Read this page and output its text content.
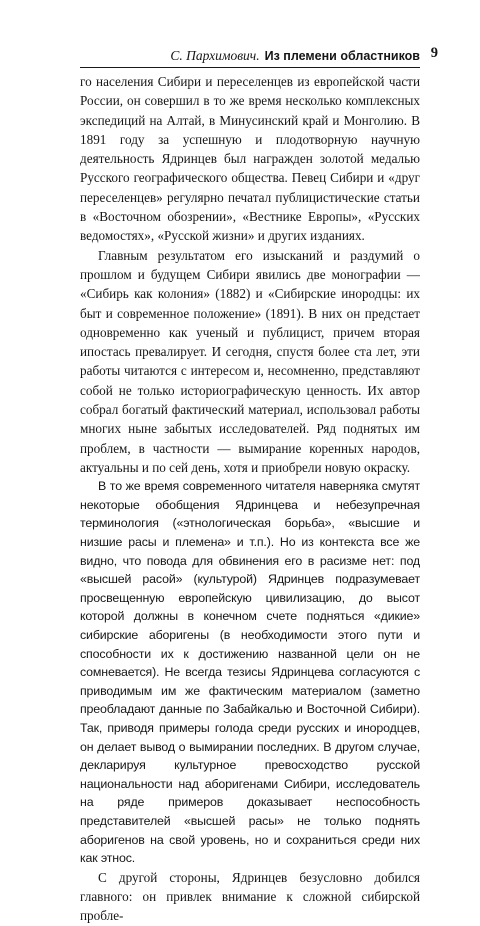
С. Пархимович. Из племени областников 9

го населения Сибири и переселенцев из европейской части России, он совершил в то же время несколько комплексных экспедиций на Алтай, в Минусинский край и Монголию. В 1891 году за успешную и плодотворную научную деятельность Ядринцев был награжден золотой медалью Русского географического общества. Певец Сибири и «друг переселенцев» регулярно печатал публицистические статьи в «Восточном обозрении», «Вестнике Европы», «Русских ведомостях», «Русской жизни» и других изданиях.

Главным результатом его изысканий и раздумий о прошлом и будущем Сибири явились две монографии — «Сибирь как колония» (1882) и «Сибирские инородцы: их быт и современное положение» (1891). В них он предстает одновременно как ученый и публицист, причем вторая ипостась превалирует. И сегодня, спустя более ста лет, эти работы читаются с интересом и, несомненно, представляют собой не только историографическую ценность. Их автор собрал богатый фактический материал, использовал работы многих ныне забытых исследователей. Ряд поднятых им проблем, в частности — вымирание коренных народов, актуальны и по сей день, хотя и приобрели новую окраску.

В то же время современного читателя наверняка смутят некоторые обобщения Ядринцева и небезупречная терминология («этнологическая борьба», «высшие и низшие расы и племена» и т.п.). Но из контекста все же видно, что повода для обвинения его в расизме нет: под «высшей расой» (культурой) Ядринцев подразумевает просвещенную европейскую цивилизацию, до высот которой должны в конечном счете подняться «дикие» сибирские аборигены (в необходимости этого пути и способности их к достижению названной цели он не сомневается). Не всегда тезисы Ядринцева согласуются с приводимым им же фактическим материалом (заметно преобладают данные по Забайкалью и Восточной Сибири). Так, приводя примеры голода среди русских и инородцев, он делает вывод о вымирании последних. В другом случае, декларируя культурное превосходство русской национальности над аборигенами Сибири, исследователь на ряде примеров доказывает неспособность представителей «высшей расы» не только поднять аборигенов на свой уровень, но и сохраниться среди них как этнос.

С другой стороны, Ядринцев безусловно добился главного: он привлек внимание к сложной сибирской пробле-
